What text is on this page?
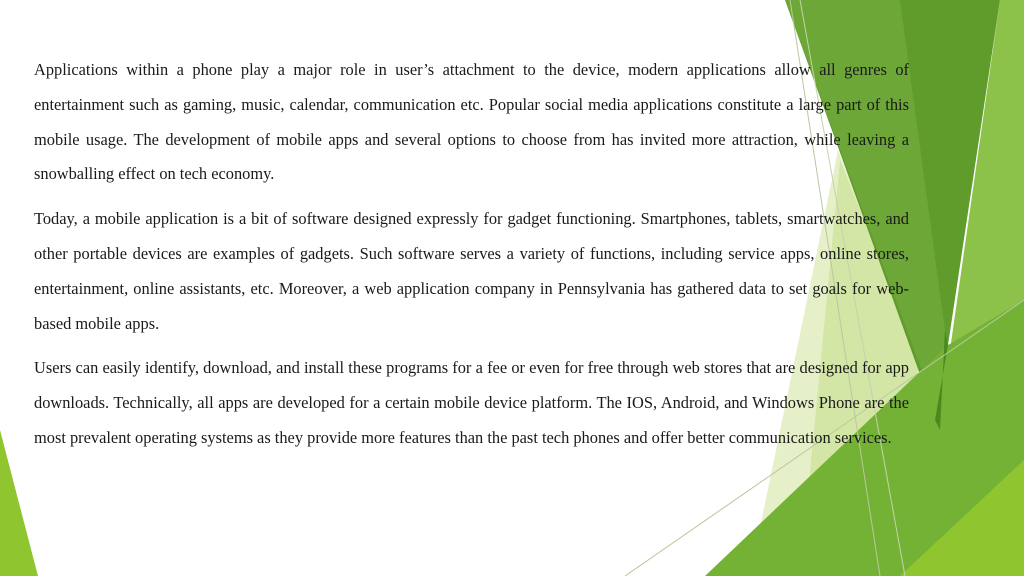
Applications within a phone play a major role in user’s attachment to the device, modern applications allow all genres of entertainment such as gaming, music, calendar, communication etc. Popular social media applications constitute a large part of this mobile usage. The development of mobile apps and several options to choose from has invited more attraction, while leaving a snowballing effect on tech economy.

Today, a mobile application is a bit of software designed expressly for gadget functioning. Smartphones, tablets, smartwatches, and other portable devices are examples of gadgets. Such software serves a variety of functions, including service apps, online stores, entertainment, online assistants, etc. Moreover, a web application company in Pennsylvania has gathered data to set goals for web-based mobile apps.

Users can easily identify, download, and install these programs for a fee or even for free through web stores that are designed for app downloads. Technically, all apps are developed for a certain mobile device platform. The IOS, Android, and Windows Phone are the most prevalent operating systems as they provide more features than the past tech phones and offer better communication services.
